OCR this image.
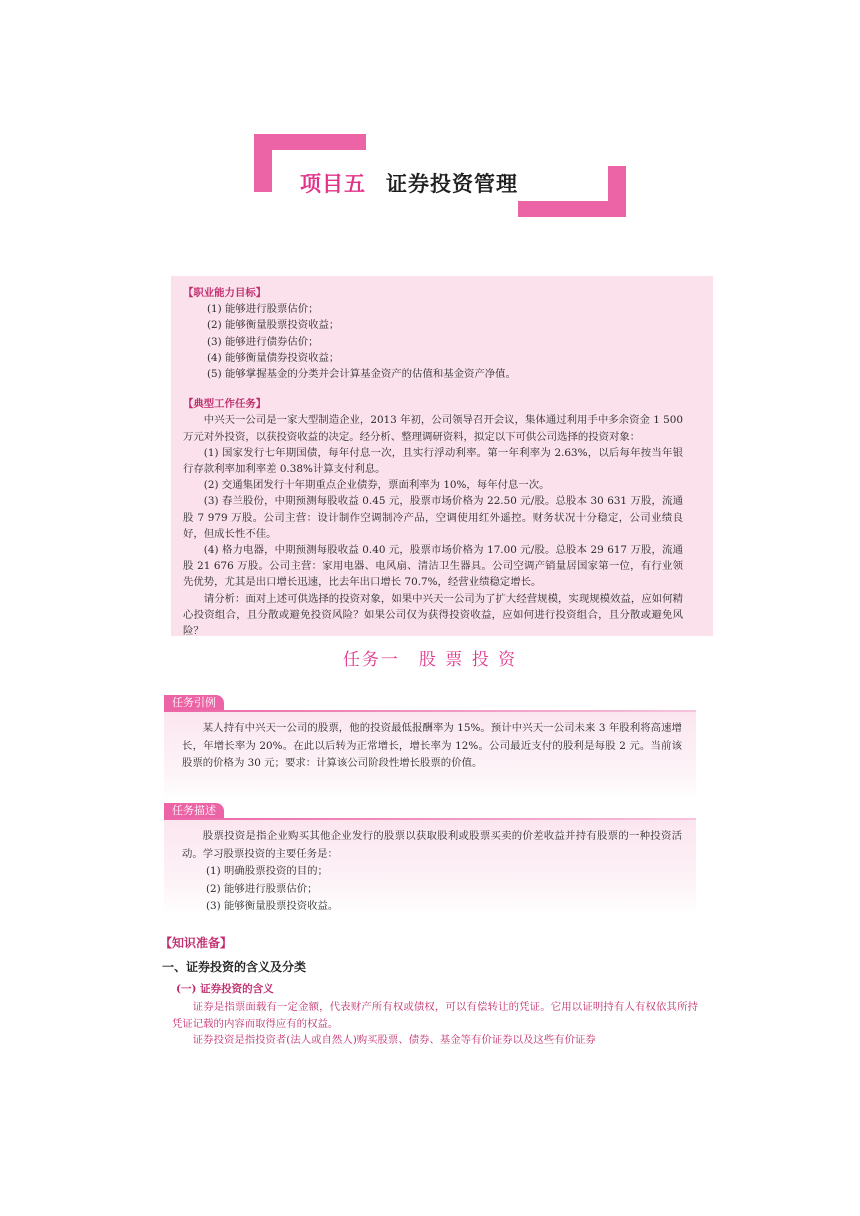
项目五 证券投资管理
【职业能力目标】
(1) 能够进行股票估价；
(2) 能够衡量股票投资收益；
(3) 能够进行债券估价；
(4) 能够衡量债券投资收益；
(5) 能够掌握基金的分类并会计算基金资产的估值和基金资产净值。
【典型工作任务】

中兴天一公司是一家大型制造企业，2013 年初，公司领导召开会议，集体通过利用手中多余资金 1 500 万元对外投资，以获投资收益的决定。经分析、整理调研资料，拟定以下可供公司选择的投资对象：

(1) 国家发行七年期国债，每年付息一次，且实行浮动利率。第一年利率为 2.63%，以后每年按当年银行存款利率加利率差 0.38%计算支付利息。

(2) 交通集团发行十年期重点企业债券，票面利率为 10%，每年付息一次。

(3) 春兰股份，中期预测每股收益 0.45 元，股票市场价格为 22.50 元/股。总股本 30 631 万股，流通股 7 979 万股。公司主营：设计制作空调制冷产品，空调使用红外遥控。财务状况十分稳定，公司业绩良好，但成长性不佳。

(4) 格力电器，中期预测每股收益 0.40 元，股票市场价格为 17.00 元/股。总股本 29 617 万股，流通股 21 676 万股。公司主营：家用电器、电风扇、清洁卫生器具。公司空调产销量居国家第一位，有行业领先优势，尤其是出口增长迅速，比去年出口增长 70.7%，经营业绩稳定增长。

请分析：面对上述可供选择的投资对象，如果中兴天一公司为了扩大经营规模，实现规模效益，应如何精心投资组合，且分散或避免投资风险？如果公司仅为获得投资收益，应如何进行投资组合，且分散或避免风险？

任务一　股 票 投 资
任务引例

某人持有中兴天一公司的股票，他的投资最低报酬率为 15%。预计中兴天一公司未来 3 年股利将高速增长，年增长率为 20%。在此以后转为正常增长，增长率为 12%。公司最近支付的股利是每股 2 元。当前该股票的价格为 30 元；要求：计算该公司阶段性增长股票的价值。

任务描述

股票投资是指企业购买其他企业发行的股票以获取股利或股票买卖的价差收益并持有股票的一种投资活动。学习股票投资的主要任务是：

(1) 明确股票投资的目的；

(2) 能够进行股票估价；

(3) 能够衡量股票投资收益。

【知识准备】
一、证券投资的含义及分类
(一) 证券投资的含义

证券是指票面载有一定金额，代表财产所有权或债权，可以有偿转让的凭证。它用以证明持有人有权依其所持凭证记载的内容而取得应有的权益。

证券投资是指投资者(法人或自然人)购买股票、债券、基金等有价证券以及这些有价证券
